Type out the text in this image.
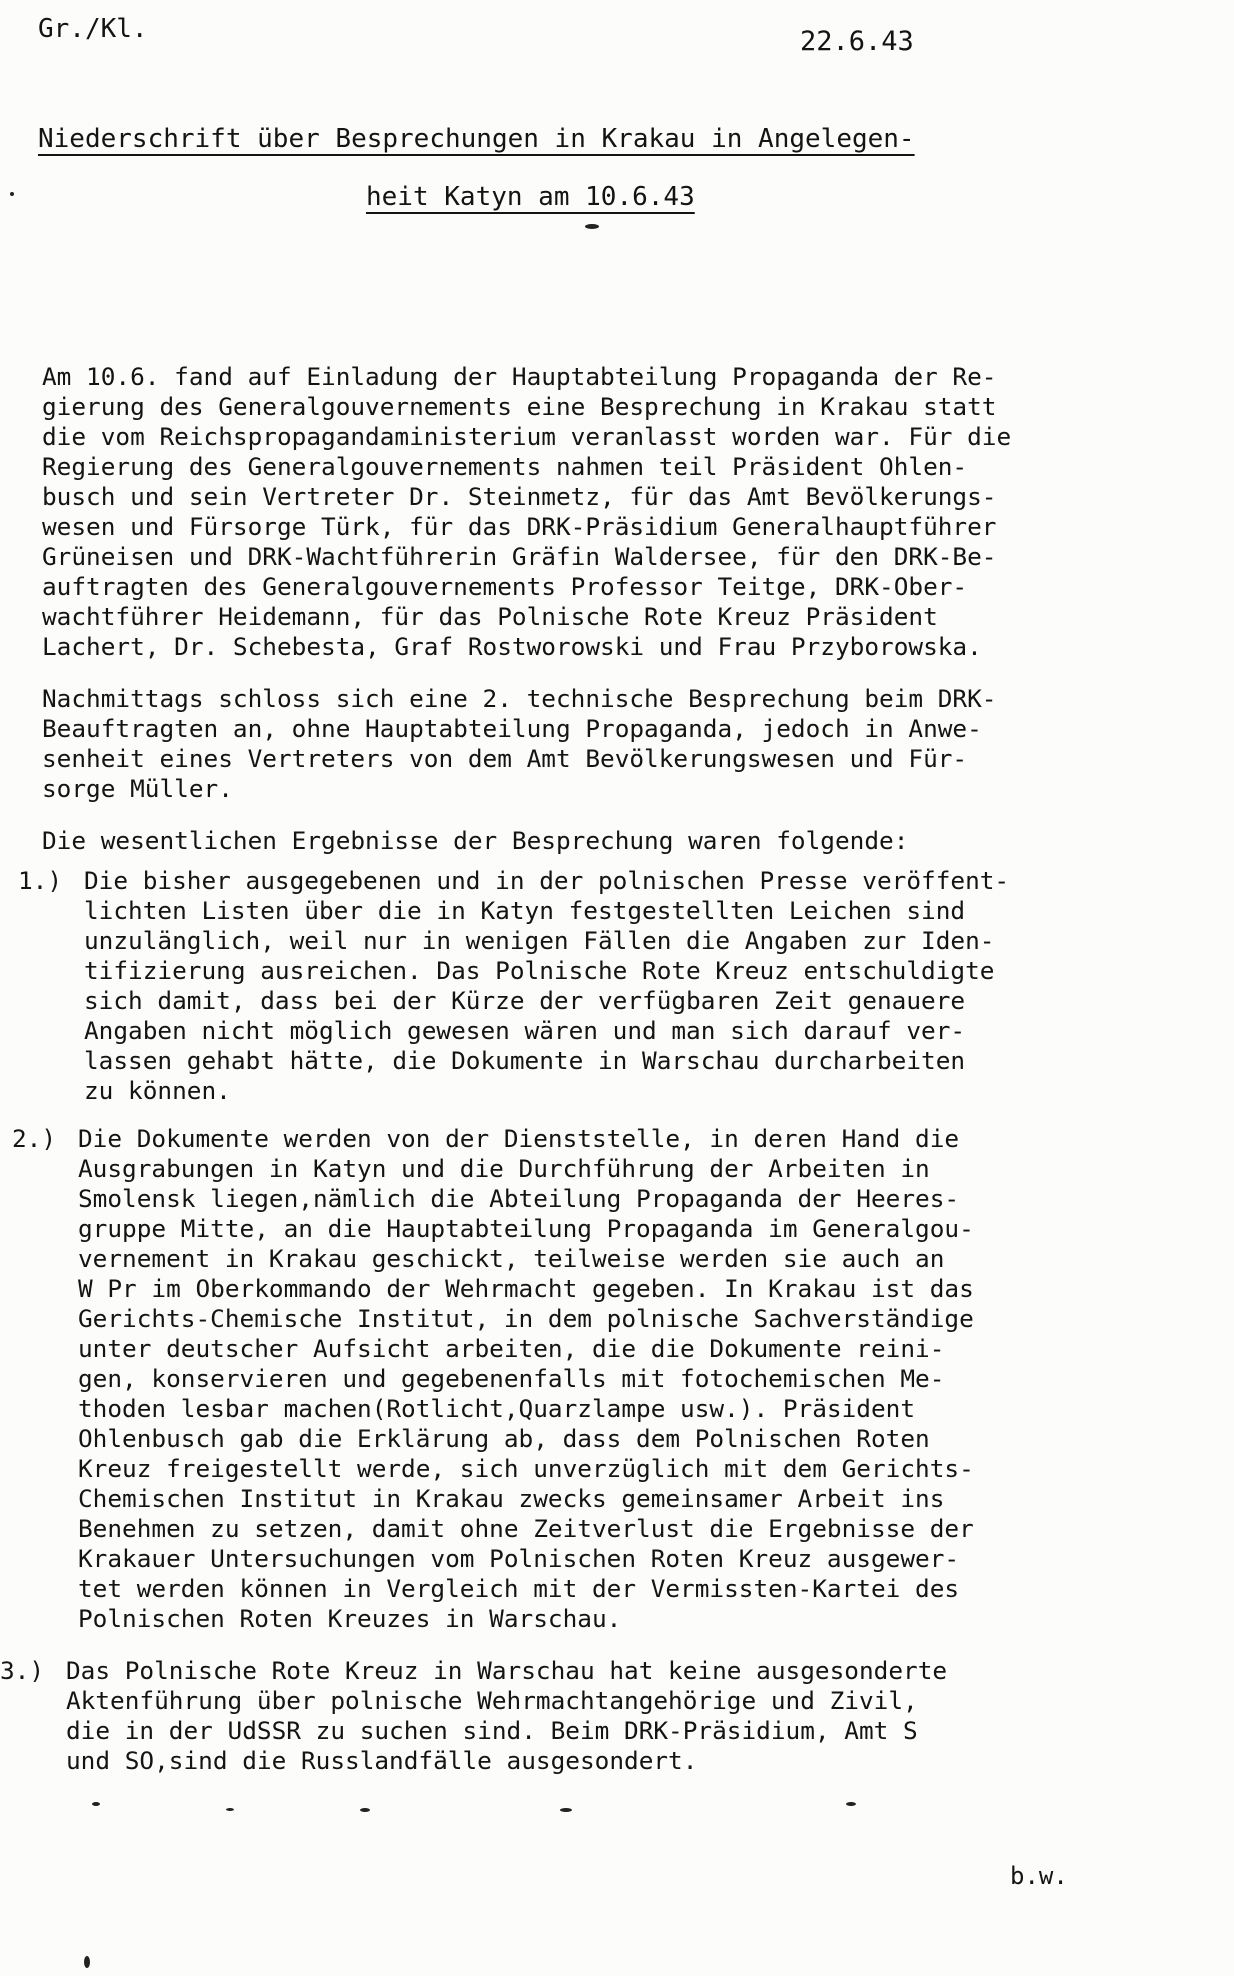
Gr./Kl.	22.6.43
Niederschrift über Besprechungen in Krakau in Angelegen-
heit Katyn am 10.6.43
Am 10.6. fand auf Einladung der Hauptabteilung Propaganda der Re-
gierung des Generalgouvernements eine Besprechung in Krakau statt
die vom Reichspropagandaministerium veranlasst worden war. Für die
Regierung des Generalgouvernements nahmen teil Präsident Ohlen-
busch und sein Vertreter Dr. Steinmetz, für das Amt Bevölkerungs-
wesen und Fürsorge Türk, für das DRK-Präsidium Generalhauptführer
Grüneisen und DRK-Wachtführerin Gräfin Waldersee, für den DRK-Be-
auftragten des Generalgouvernements Professor Teitge, DRK-Ober-
wachtführer Heidemann, für das Polnische Rote Kreuz Präsident
Lachert, Dr. Schebesta, Graf Rostworowski und Frau Przyborowska.
Nachmittags schloss sich eine 2. technische Besprechung beim DRK-
Beauftragten an, ohne Hauptabteilung Propaganda, jedoch in Anwe-
senheit eines Vertreters von dem Amt Bevölkerungswesen und Für-
sorge Müller.
Die wesentlichen Ergebnisse der Besprechung waren folgende:
1.) Die bisher ausgegebenen und in der polnischen Presse veröffent-
lichten Listen über die in Katyn festgestellten Leichen sind
unzulänglich, weil nur in wenigen Fällen die Angaben zur Iden-
tifizierung ausreichen. Das Polnische Rote Kreuz entschuldigte
sich damit, dass bei der Kürze der verfügbaren Zeit genauere
Angaben nicht möglich gewesen wären und man sich darauf ver-
lassen gehabt hätte, die Dokumente in Warschau durcharbeiten
zu können.
2.) Die Dokumente werden von der Dienststelle, in deren Hand die
Ausgrabungen in Katyn und die Durchführung der Arbeiten in
Smolensk liegen,nämlich die Abteilung Propaganda der Heeres-
gruppe Mitte, an die Hauptabteilung Propaganda im Generalgou-
vernement in Krakau geschickt, teilweise werden sie auch an
W Pr im Oberkommando der Wehrmacht gegeben. In Krakau ist das
Gerichts-Chemische Institut, in dem polnische Sachverständige
unter deutscher Aufsicht arbeiten, die die Dokumente reini-
gen, konservieren und gegebenenfalls mit fotochemischen Me-
thoden lesbar machen(Rotlicht,Quarzlampe usw.). Präsident
Ohlenbusch gab die Erklärung ab, dass dem Polnischen Roten
Kreuz freigestellt werde, sich unverzüglich mit dem Gerichts-
Chemischen Institut in Krakau zwecks gemeinsamer Arbeit ins
Benehmen zu setzen, damit ohne Zeitverlust die Ergebnisse der
Krakauer Untersuchungen vom Polnischen Roten Kreuz ausgewer-
tet werden können in Vergleich mit der Vermissten-Kartei des
Polnischen Roten Kreuzes in Warschau.
3.) Das Polnische Rote Kreuz in Warschau hat keine ausgesonderte
Aktenführung über polnische Wehrmachtangehörige und Zivil,
die in der UdSSR zu suchen sind. Beim DRK-Präsidium, Amt S
und SO,sind die Russlandfälle ausgesondert.
b.w.
